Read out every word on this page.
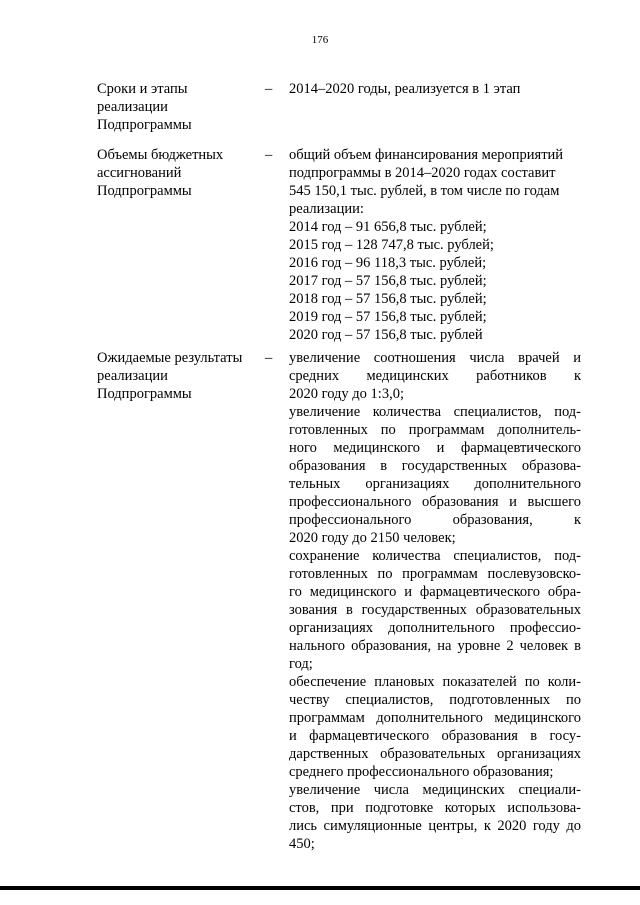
176
Сроки и этапы
реализации
Подпрограммы
– 2014–2020 годы, реализуется в 1 этап
Объемы бюджетных
ассигнований
Подпрограммы
– общий объем финансирования мероприятий
подпрограммы в 2014–2020 годах составит
545 150,1 тыс. рублей, в том числе по годам
реализации:
2014 год – 91 656,8 тыс. рублей;
2015 год – 128 747,8 тыс. рублей;
2016 год – 96 118,3 тыс. рублей;
2017 год – 57 156,8 тыс. рублей;
2018 год – 57 156,8 тыс. рублей;
2019 год – 57 156,8 тыс. рублей;
2020 год – 57 156,8 тыс. рублей
Ожидаемые результаты
реализации
Подпрограммы
– увеличение соотношения числа врачей и
средних медицинских работников к
2020 году до 1:3,0;
увеличение количества специалистов, под-
готовленных по программам дополнитель-
ного медицинского и фармацевтического
образования в государственных образова-
тельных организациях дополнительного
профессионального образования и высшего
профессионального образования, к
2020 году до 2150 человек;
сохранение количества специалистов, под-
готовленных по программам послевузовско-
го медицинского и фармацевтического обра-
зования в государственных образовательных
организациях дополнительного профессио-
нального образования, на уровне 2 человек в
год;
обеспечение плановых показателей по коли-
честву специалистов, подготовленных по
программам дополнительного медицинского
и фармацевтического образования в госу-
дарственных образовательных организациях
среднего профессионального образования;
увеличение числа медицинских специали-
стов, при подготовке которых использова-
лись симуляционные центры, к 2020 году до
450;
